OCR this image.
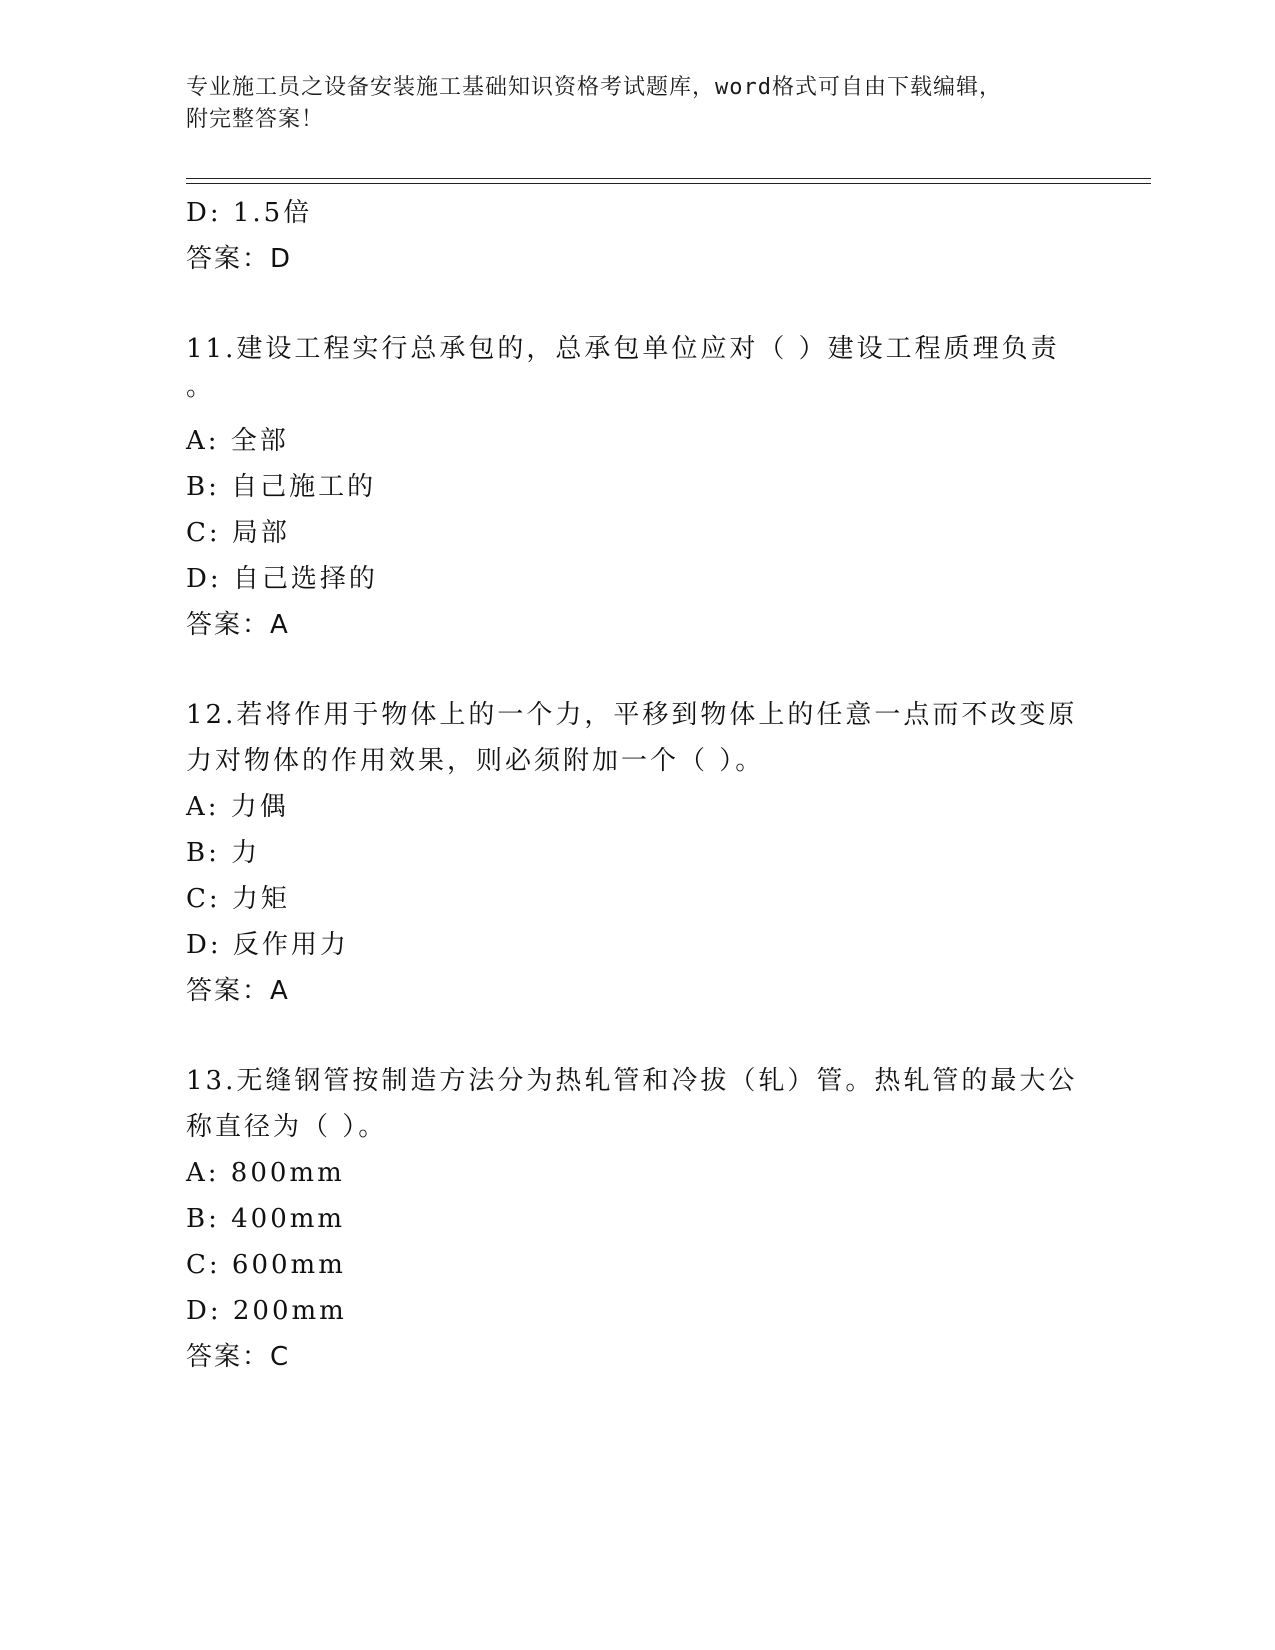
专业施工员之设备安装施工基础知识资格考试题库，word格式可自由下载编辑，
附完整答案！
D: 1.5倍
答案：D
11.建设工程实行总承包的，总承包单位应对（ ）建设工程质理负责
。
A: 全部
B: 自己施工的
C: 局部
D: 自己选择的
答案：A
12.若将作用于物体上的一个力，平移到物体上的任意一点而不改变原
力对物体的作用效果，则必须附加一个（ ）。
A: 力偶
B: 力
C: 力矩
D: 反作用力
答案：A
13.无缝钢管按制造方法分为热轧管和冷拔（轧）管。热轧管的最大公
称直径为（ ）。
A: 800mm
B: 400mm
C: 600mm
D: 200mm
答案：C
